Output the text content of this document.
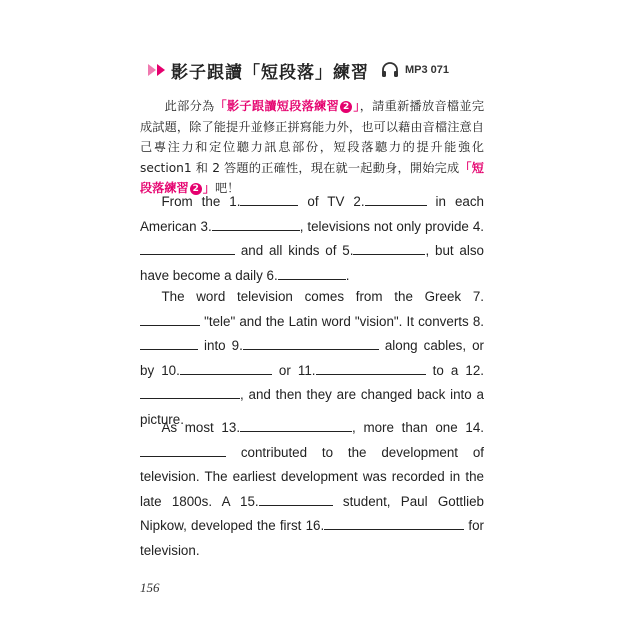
影子跟讀「短段落」練習	MP3 071
此部分為「影子跟讀短段落練習 2 」，請重新播放音檔並完成試題，除了能提升並修正拼寫能力外，也可以藉由音檔注意自己專注力和定位聽力訊息部份，短段落聽力的提升能強化 section1 和 2 答題的正確性，現在就一起動身，開始完成「短段落練習 2 」吧！

From the 1.	of TV 2.	in each American 3.	, televisions not only provide 4. and all kinds of 5.	, but also have become a daily 6.	.

The word television comes from the Greek 7. "tele" and the Latin word "vision". It converts 8. into 9.	along cables, or by 10.	or 11.	to a 12., and then they are changed back into a picture.

As most 13.	, more than one 14. contributed to the development of television. The earliest development was recorded in the late 1800s. A 15.	student, Paul Gottlieb Nipkow, developed the first 16.	for television.

156
